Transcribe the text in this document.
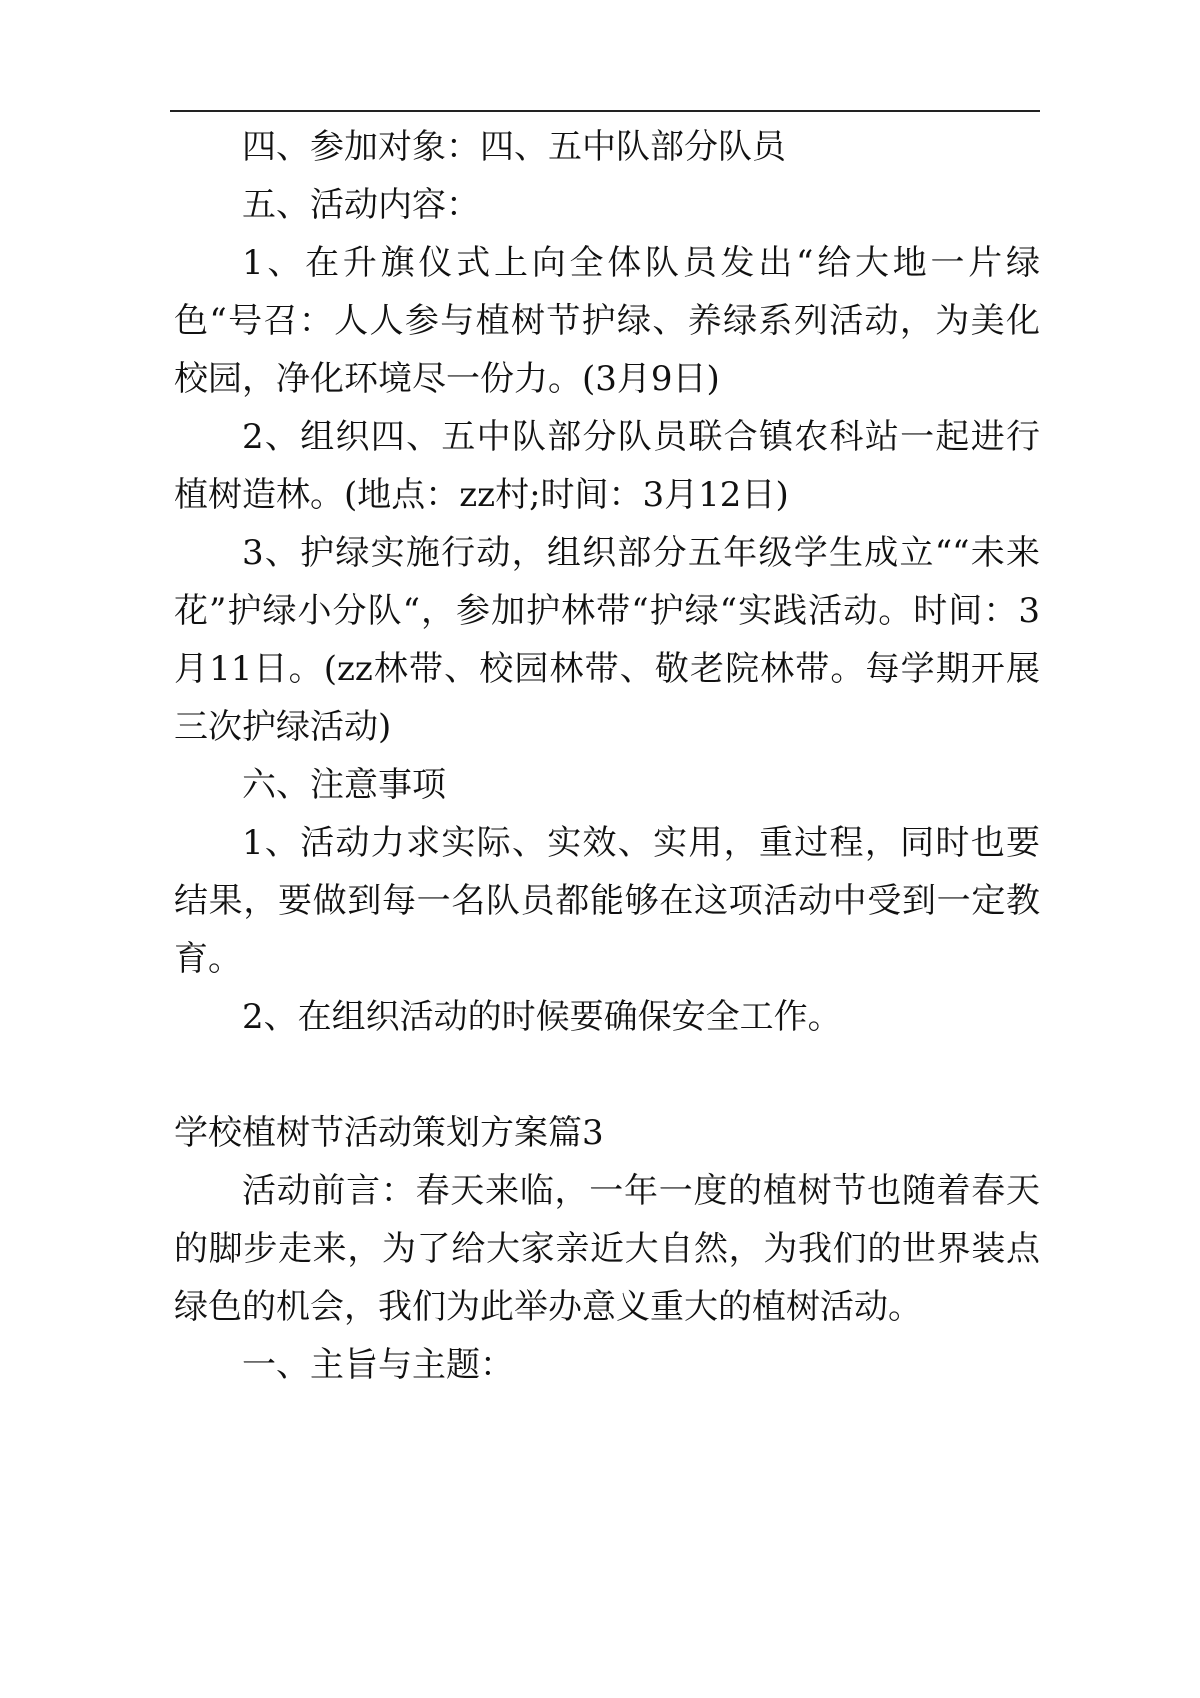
四、参加对象：四、五中队部分队员

五、活动内容：

1、在升旗仪式上向全体队员发出“给大地一片绿色“号召：人人参与植树节护绿、养绿系列活动，为美化校园，净化环境尽一份力。(3月9日)

2、组织四、五中队部分队员联合镇农科站一起进行植树造林。(地点：zz村;时间：3月12日)

3、护绿实施行动，组织部分五年级学生成立““未来花”护绿小分队“，参加护林带“护绿“实践活动。时间：3月11日。(zz林带、校园林带、敬老院林带。每学期开展三次护绿活动)

六、注意事项

1、活动力求实际、实效、实用，重过程，同时也要结果，要做到每一名队员都能够在这项活动中受到一定教育。

2、在组织活动的时候要确保安全工作。

学校植树节活动策划方案篇3

活动前言：春天来临，一年一度的植树节也随着春天的脚步走来，为了给大家亲近大自然，为我们的世界装点绿色的机会，我们为此举办意义重大的植树活动。

一、主旨与主题：
